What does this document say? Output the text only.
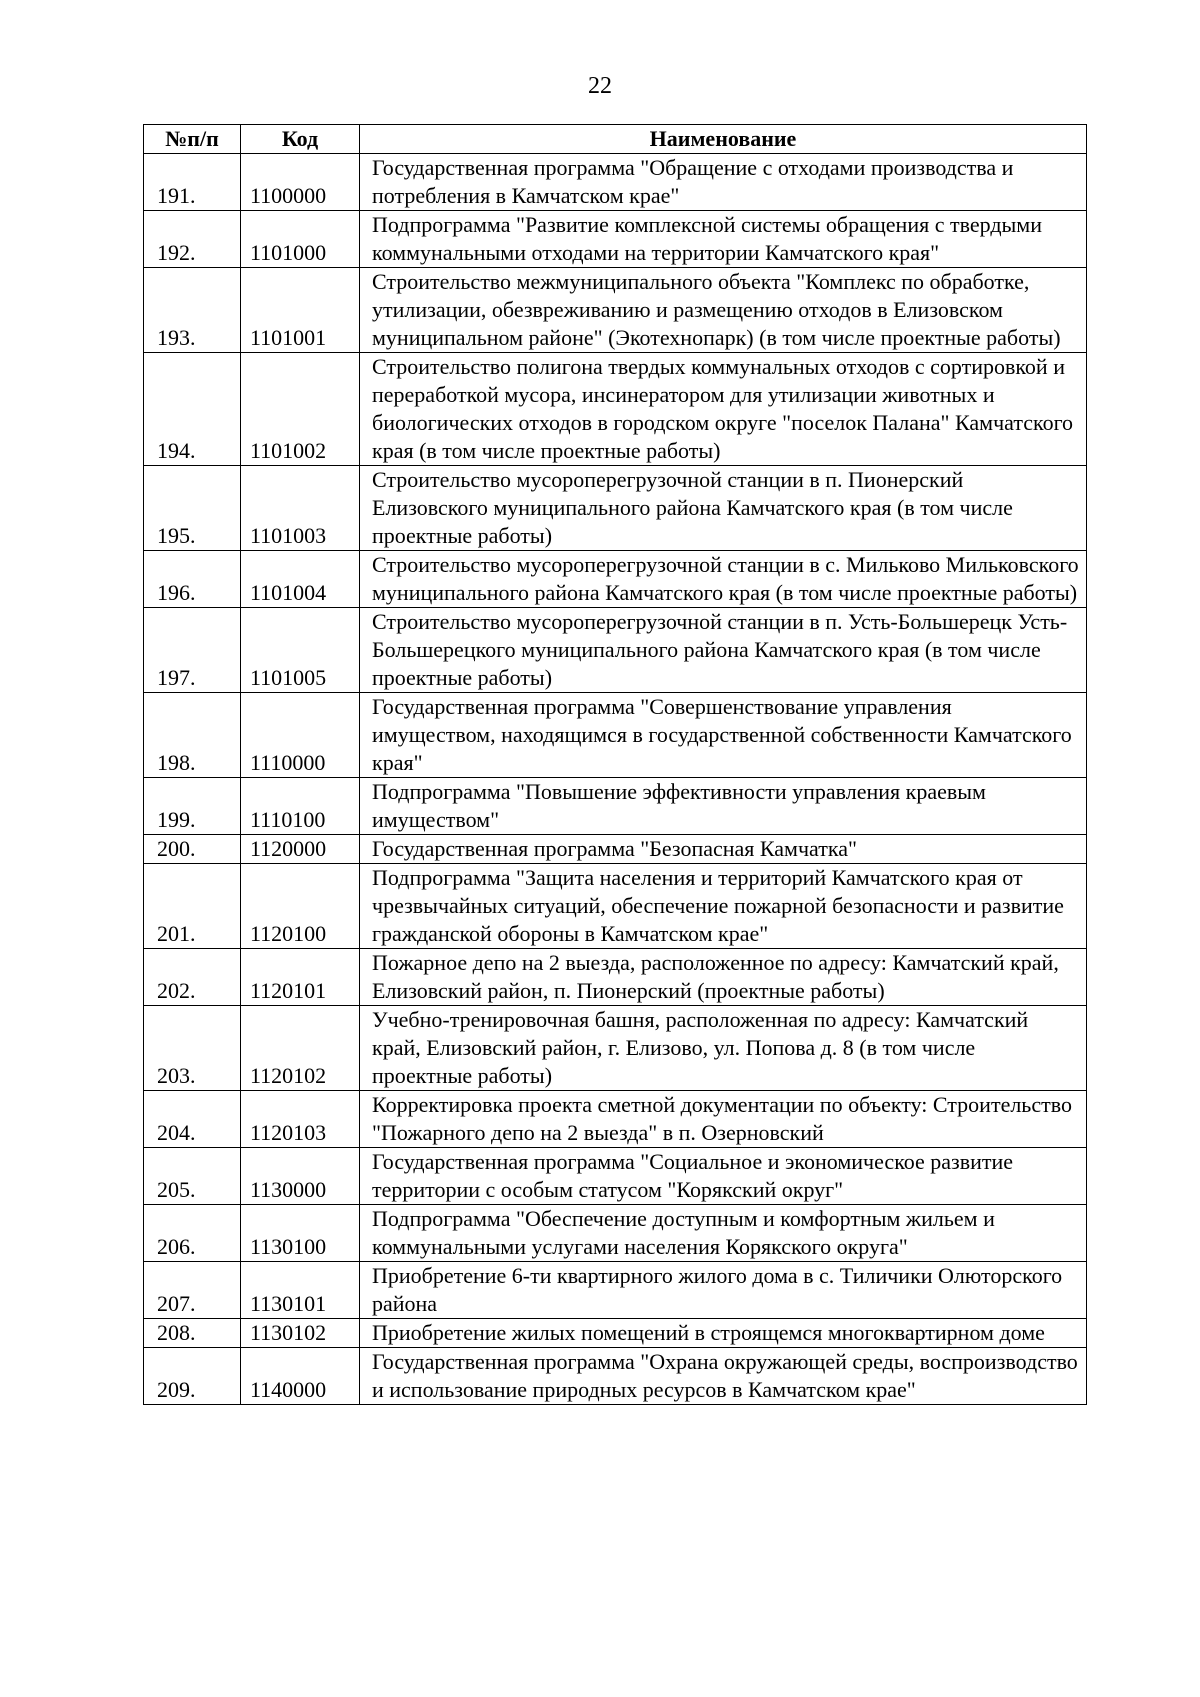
22
№п/п	Код	Наименование
191.	1100000	Государственная программа "Обращение с отходами производства и потребления в Камчатском крае"
192.	1101000	Подпрограмма "Развитие комплексной системы обращения с твердыми коммунальными отходами на территории Камчатского края"
193.	1101001	Строительство межмуниципального объекта "Комплекс по обработке, утилизации, обезвреживанию и размещению отходов в Елизовском муниципальном районе" (Экотехнопарк) (в том числе проектные работы)
194.	1101002	Строительство полигона твердых коммунальных отходов с сортировкой и переработкой мусора, инсинератором для утилизации животных и биологических отходов в городском округе "поселок Палана" Камчатского края (в том числе проектные работы)
195.	1101003	Строительство мусороперегрузочной станции в п. Пионерский Елизовского муниципального района Камчатского края (в том числе проектные работы)
196.	1101004	Строительство мусороперегрузочной станции в с. Мильково Мильковского муниципального района Камчатского края (в том числе проектные работы)
197.	1101005	Строительство мусороперегрузочной станции в п. Усть-Большерецк Усть-Большерецкого муниципального района Камчатского края (в том числе проектные работы)
198.	1110000	Государственная программа "Совершенствование управления имуществом, находящимся в государственной собственности Камчатского края"
199.	1110100	Подпрограмма "Повышение эффективности управления краевым имуществом"
200.	1120000	Государственная программа "Безопасная Камчатка"
201.	1120100	Подпрограмма "Защита населения и территорий Камчатского края от чрезвычайных ситуаций, обеспечение пожарной безопасности и развитие гражданской обороны в Камчатском крае"
202.	1120101	Пожарное депо на 2 выезда, расположенное по адресу: Камчатский край, Елизовский район, п. Пионерский (проектные работы)
203.	1120102	Учебно-тренировочная башня, расположенная по адресу: Камчатский край, Елизовский район, г. Елизово, ул. Попова д. 8 (в том числе проектные работы)
204.	1120103	Корректировка проекта сметной документации по объекту: Строительство "Пожарного депо на 2 выезда" в п. Озерновский
205.	1130000	Государственная программа "Социальное и экономическое развитие территории с особым статусом "Корякский округ"
206.	1130100	Подпрограмма "Обеспечение доступным и комфортным жильем и коммунальными услугами населения Корякского округа"
207.	1130101	Приобретение 6-ти квартирного жилого дома в с. Тиличики Олюторского района
208.	1130102	Приобретение жилых помещений в строящемся многоквартирном доме
209.	1140000	Государственная программа "Охрана окружающей среды, воспроизводство и использование природных ресурсов в Камчатском крае"
